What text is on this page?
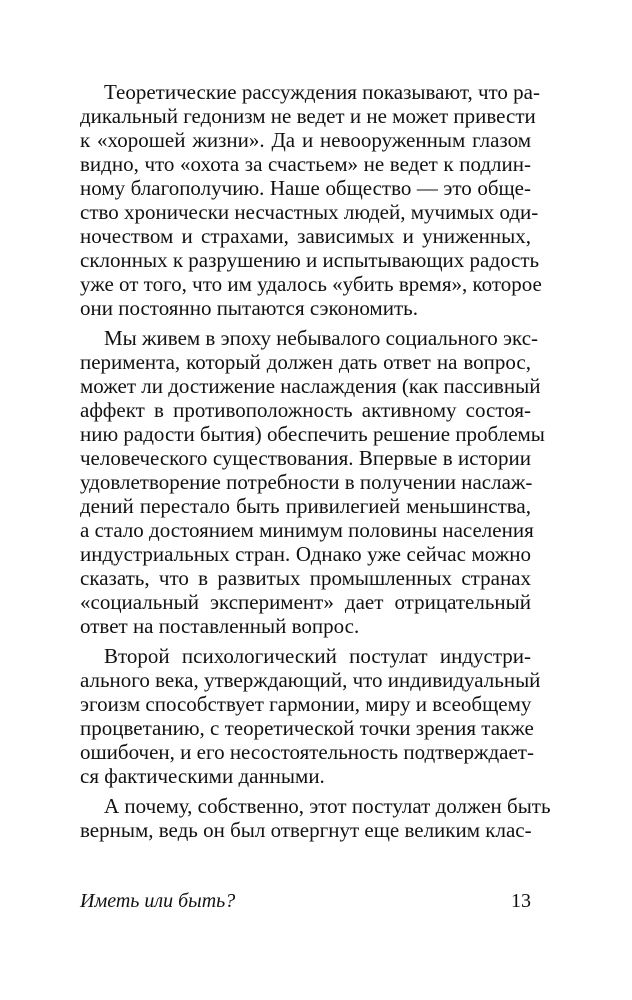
Теоретические рассуждения показывают, что ра-
дикальный гедонизм не ведет и не может привести
к «хорошей жизни». Да и невооруженным глазом
видно, что «охота за счастьем» не ведет к подлин-
ному благополучию. Наше общество — это обще-
ство хронически несчастных людей, мучимых оди-
ночеством и страхами, зависимых и униженных,
склонных к разрушению и испытывающих радость
уже от того, что им удалось «убить время», которое
они постоянно пытаются сэкономить.
Мы живем в эпоху небывалого социального экс-
перимента, который должен дать ответ на вопрос,
может ли достижение наслаждения (как пассивный
аффект в противоположность активному состоя-
нию радости бытия) обеспечить решение проблемы
человеческого существования. Впервые в истории
удовлетворение потребности в получении наслаж-
дений перестало быть привилегией меньшинства,
а стало достоянием минимум половины населения
индустриальных стран. Однако уже сейчас можно
сказать, что в развитых промышленных странах
«социальный эксперимент» дает отрицательный
ответ на поставленный вопрос.
Второй психологический постулат индустри-
ального века, утверждающий, что индивидуальный
эгоизм способствует гармонии, миру и всеобщему
процветанию, с теоретической точки зрения также
ошибочен, и его несостоятельность подтверждает-
ся фактическими данными.
А почему, собственно, этот постулат должен быть
верным, ведь он был отвергнут еще великим клас-
Иметь или быть?	13
